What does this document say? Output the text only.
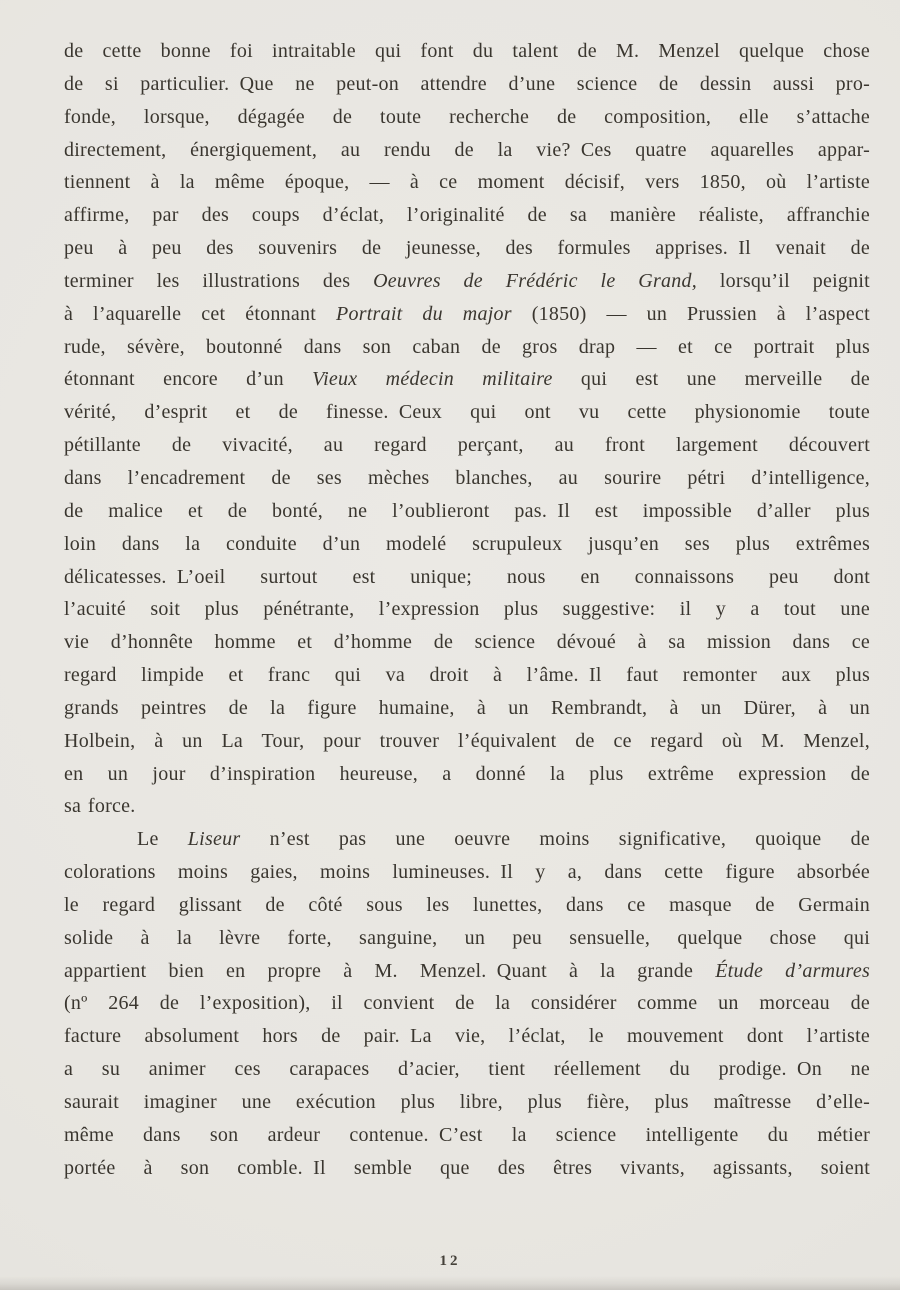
de cette bonne foi intraitable qui font du talent de M. Menzel quelque chose
de si particulier. Que ne peut-on attendre d’une science de dessin aussi pro-
fonde, lorsque, dégagée de toute recherche de composition, elle s’attache
directement, énergiquement, au rendu de la vie? Ces quatre aquarelles appar-
tiennent à la même époque, — à ce moment décisif, vers 1850, où l’artiste
affirme, par des coups d’éclat, l’originalité de sa manière réaliste, affranchie
peu à peu des souvenirs de jeunesse, des formules apprises. Il venait de
terminer les illustrations des Oeuvres de Frédéric le Grand, lorsqu’il peignit
à l’aquarelle cet étonnant Portrait du major (1850) — un Prussien à l’aspect
rude, sévère, boutonné dans son caban de gros drap — et ce portrait plus
étonnant encore d’un Vieux médecin militaire qui est une merveille de
vérité, d’esprit et de finesse. Ceux qui ont vu cette physionomie toute
pétillante de vivacité, au regard perçant, au front largement découvert
dans l’encadrement de ses mèches blanches, au sourire pétri d’intelligence,
de malice et de bonté, ne l’oublieront pas. Il est impossible d’aller plus
loin dans la conduite d’un modelé scrupuleux jusqu’en ses plus extrêmes
délicatesses. L’oeil surtout est unique; nous en connaissons peu dont
l’acuité soit plus pénétrante, l’expression plus suggestive: il y a tout une
vie d’honnête homme et d’homme de science dévoué à sa mission dans ce
regard limpide et franc qui va droit à l’âme. Il faut remonter aux plus
grands peintres de la figure humaine, à un Rembrandt, à un Dürer, à un
Holbein, à un La Tour, pour trouver l’équivalent de ce regard où M. Menzel,
en un jour d’inspiration heureuse, a donné la plus extrême expression de
sa force.
Le Liseur n’est pas une oeuvre moins significative, quoique de
colorations moins gaies, moins lumineuses. Il y a, dans cette figure absorbée
le regard glissant de côté sous les lunettes, dans ce masque de Germain
solide à la lèvre forte, sanguine, un peu sensuelle, quelque chose qui
appartient bien en propre à M. Menzel. Quant à la grande Étude d’armures
(nº 264 de l’exposition), il convient de la considérer comme un morceau de
facture absolument hors de pair. La vie, l’éclat, le mouvement dont l’artiste
a su animer ces carapaces d’acier, tient réellement du prodige. On ne
saurait imaginer une exécution plus libre, plus fière, plus maîtresse d’elle-
même dans son ardeur contenue. C’est la science intelligente du métier
portée à son comble. Il semble que des êtres vivants, agissants, soient
12
